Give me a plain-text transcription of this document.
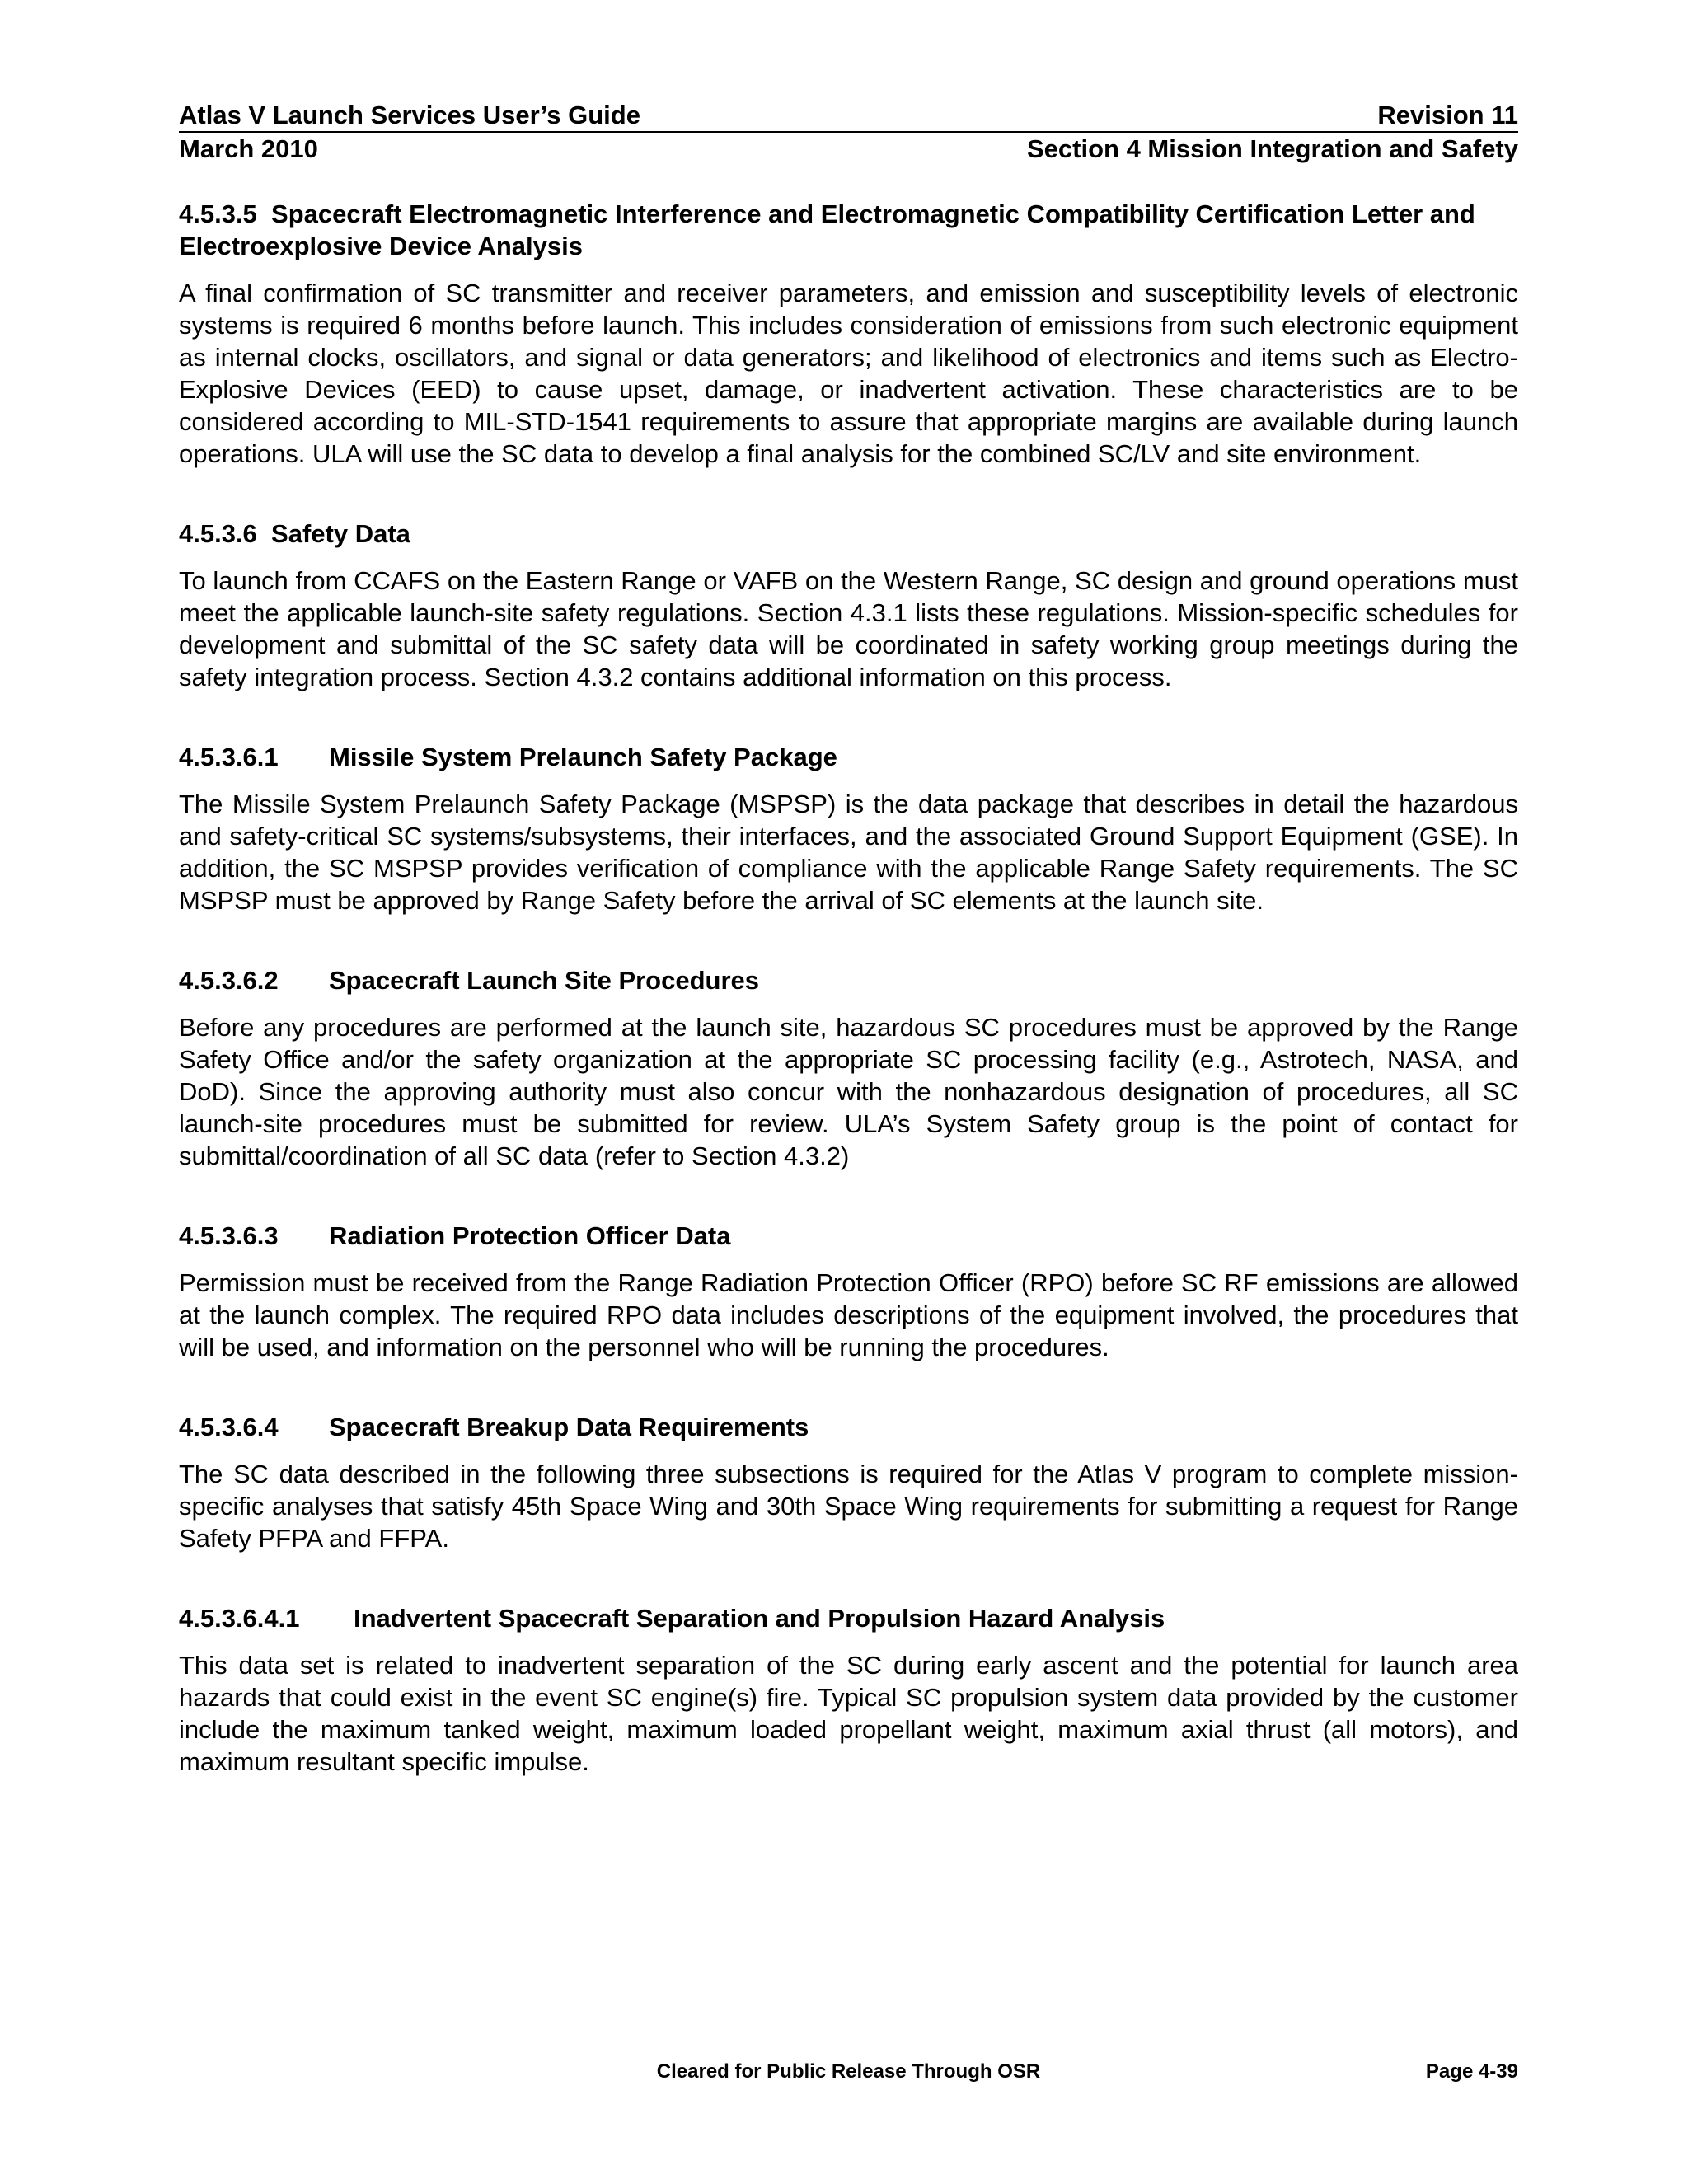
Atlas V Launch Services User’s Guide	Revision 11
March 2010	Section 4 Mission Integration and Safety
4.5.3.5 Spacecraft Electromagnetic Interference and Electromagnetic Compatibility Certification Letter and Electroexplosive Device Analysis

A final confirmation of SC transmitter and receiver parameters, and emission and susceptibility levels of electronic systems is required 6 months before launch. This includes consideration of emissions from such electronic equipment as internal clocks, oscillators, and signal or data generators; and likelihood of electronics and items such as Electro-Explosive Devices (EED) to cause upset, damage, or inadvertent activation. These characteristics are to be considered according to MIL-STD-1541 requirements to assure that appropriate margins are available during launch operations. ULA will use the SC data to develop a final analysis for the combined SC/LV and site environment.

4.5.3.6 Safety Data

To launch from CCAFS on the Eastern Range or VAFB on the Western Range, SC design and ground operations must meet the applicable launch-site safety regulations. Section 4.3.1 lists these regulations. Mission-specific schedules for development and submittal of the SC safety data will be coordinated in safety working group meetings during the safety integration process. Section 4.3.2 contains additional information on this process.

4.5.3.6.1 Missile System Prelaunch Safety Package

The Missile System Prelaunch Safety Package (MSPSP) is the data package that describes in detail the hazardous and safety-critical SC systems/subsystems, their interfaces, and the associated Ground Support Equipment (GSE). In addition, the SC MSPSP provides verification of compliance with the applicable Range Safety requirements. The SC MSPSP must be approved by Range Safety before the arrival of SC elements at the launch site.

4.5.3.6.2 Spacecraft Launch Site Procedures

Before any procedures are performed at the launch site, hazardous SC procedures must be approved by the Range Safety Office and/or the safety organization at the appropriate SC processing facility (e.g., Astrotech, NASA, and DoD). Since the approving authority must also concur with the nonhazardous designation of procedures, all SC launch-site procedures must be submitted for review. ULA’s System Safety group is the point of contact for submittal/coordination of all SC data (refer to Section 4.3.2)

4.5.3.6.3 Radiation Protection Officer Data

Permission must be received from the Range Radiation Protection Officer (RPO) before SC RF emissions are allowed at the launch complex. The required RPO data includes descriptions of the equipment involved, the procedures that will be used, and information on the personnel who will be running the procedures.

4.5.3.6.4 Spacecraft Breakup Data Requirements

The SC data described in the following three subsections is required for the Atlas V program to complete mission-specific analyses that satisfy 45th Space Wing and 30th Space Wing requirements for submitting a request for Range Safety PFPA and FFPA.

4.5.3.6.4.1 Inadvertent Spacecraft Separation and Propulsion Hazard Analysis

This data set is related to inadvertent separation of the SC during early ascent and the potential for launch area hazards that could exist in the event SC engine(s) fire. Typical SC propulsion system data provided by the customer include the maximum tanked weight, maximum loaded propellant weight, maximum axial thrust (all motors), and maximum resultant specific impulse.

Cleared for Public Release Through OSR	Page 4-39
